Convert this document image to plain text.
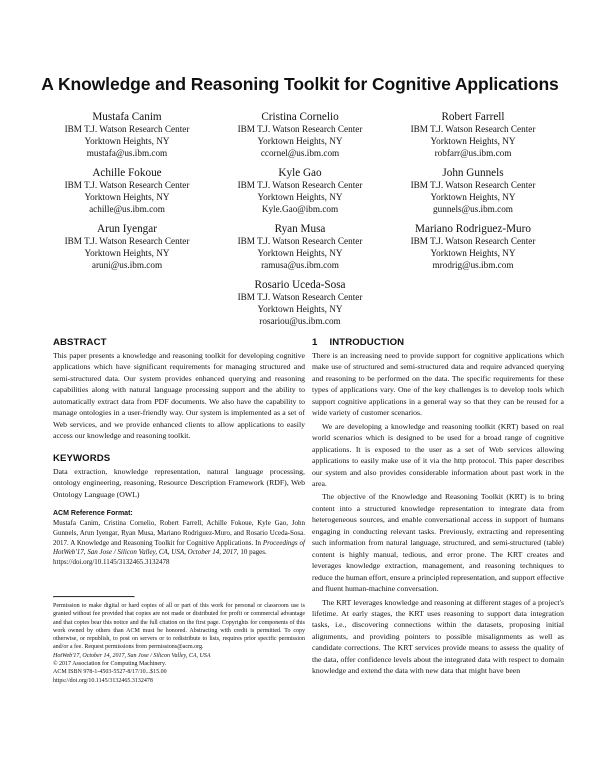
A Knowledge and Reasoning Toolkit for Cognitive Applications
Mustafa Canim
IBM T.J. Watson Research Center
Yorktown Heights, NY
mustafa@us.ibm.com
Cristina Cornelio
IBM T.J. Watson Research Center
Yorktown Heights, NY
ccornel@us.ibm.com
Robert Farrell
IBM T.J. Watson Research Center
Yorktown Heights, NY
robfarr@us.ibm.com
Achille Fokoue
IBM T.J. Watson Research Center
Yorktown Heights, NY
achille@us.ibm.com
Kyle Gao
IBM T.J. Watson Research Center
Yorktown Heights, NY
Kyle.Gao@ibm.com
John Gunnels
IBM T.J. Watson Research Center
Yorktown Heights, NY
gunnels@us.ibm.com
Arun Iyengar
IBM T.J. Watson Research Center
Yorktown Heights, NY
aruni@us.ibm.com
Ryan Musa
IBM T.J. Watson Research Center
Yorktown Heights, NY
ramusa@us.ibm.com
Mariano Rodriguez-Muro
IBM T.J. Watson Research Center
Yorktown Heights, NY
mrodrig@us.ibm.com
Rosario Uceda-Sosa
IBM T.J. Watson Research Center
Yorktown Heights, NY
rosariou@us.ibm.com
ABSTRACT

This paper presents a knowledge and reasoning toolkit for developing cognitive applications which have significant requirements for managing structured and semi-structured data. Our system provides enhanced querying and reasoning capabilities along with natural language processing support and the ability to automatically extract data from PDF documents. We also have the capability to manage ontologies in a user-friendly way. Our system is implemented as a set of Web services, and we provide enhanced clients to allow applications to easily access our knowledge and reasoning toolkit.

KEYWORDS

Data extraction, knowledge representation, natural language processing, ontology engineering, reasoning, Resource Description Framework (RDF), Web Ontology Language (OWL)

ACM Reference Format:

Mustafa Canim, Cristina Cornelio, Robert Farrell, Achille Fokoue, Kyle Gao, John Gunnels, Arun Iyengar, Ryan Musa, Mariano Rodriguez-Muro, and Rosario Uceda-Sosa. 2017. A Knowledge and Reasoning Toolkit for Cognitive Applications. In Proceedings of HotWeb'17, San Jose / Silicon Valley, CA, USA, October 14, 2017, 10 pages.
https://doi.org/10.1145/3132465.3132478

Permission to make digital or hard copies of all or part of this work for personal or classroom use is granted without fee provided that copies are not made or distributed for profit or commercial advantage and that copies bear this notice and the full citation on the first page. Copyrights for components of this work owned by others than ACM must be honored. Abstracting with credit is permitted. To copy otherwise, or republish, to post on servers or to redistribute to lists, requires prior specific permission and/or a fee. Request permissions from permissions@acm.org.

HotWeb'17, October 14, 2017, San Jose / Silicon Valley, CA, USA

© 2017 Association for Computing Machinery.

ACM ISBN 978-1-4503-5527-8/17/10...$15.00

https://doi.org/10.1145/3132465.3132478

1 INTRODUCTION

There is an increasing need to provide support for cognitive applications which make use of structured and semi-structured data and require advanced querying and reasoning to be performed on the data. The specific requirements for these types of applications vary. One of the key challenges is to develop tools which support cognitive applications in a general way so that they can be reused for a wide variety of customer scenarios.

We are developing a knowledge and reasoning toolkit (KRT) based on real world scenarios which is designed to be used for a broad range of cognitive applications. It is exposed to the user as a set of Web services allowing applications to easily make use of it via the http protocol. This paper describes our system and also provides considerable information about past work in the area.

The objective of the Knowledge and Reasoning Toolkit (KRT) is to bring content into a structured knowledge representation to integrate data from heterogeneous sources, and enable conversational access in support of humans engaging in conducting relevant tasks. Previously, extracting and representing such information from natural language, structured, and semi-structured (table) content is highly manual, tedious, and error prone. The KRT creates and leverages knowledge extraction, management, and reasoning techniques to reduce the human effort, ensure a principled representation, and support effective and fluent human-machine conversation.

The KRT leverages knowledge and reasoning at different stages of a project's lifetime. At early stages, the KRT uses reasoning to support data integration tasks, i.e., discovering connections within the datasets, proposing initial alignments, and providing pointers to possible misalignments as well as candidate corrections. The KRT services provide means to assess the quality of the data, offer confidence levels about the integrated data with respect to domain knowledge and extend the data with new data that might have been
